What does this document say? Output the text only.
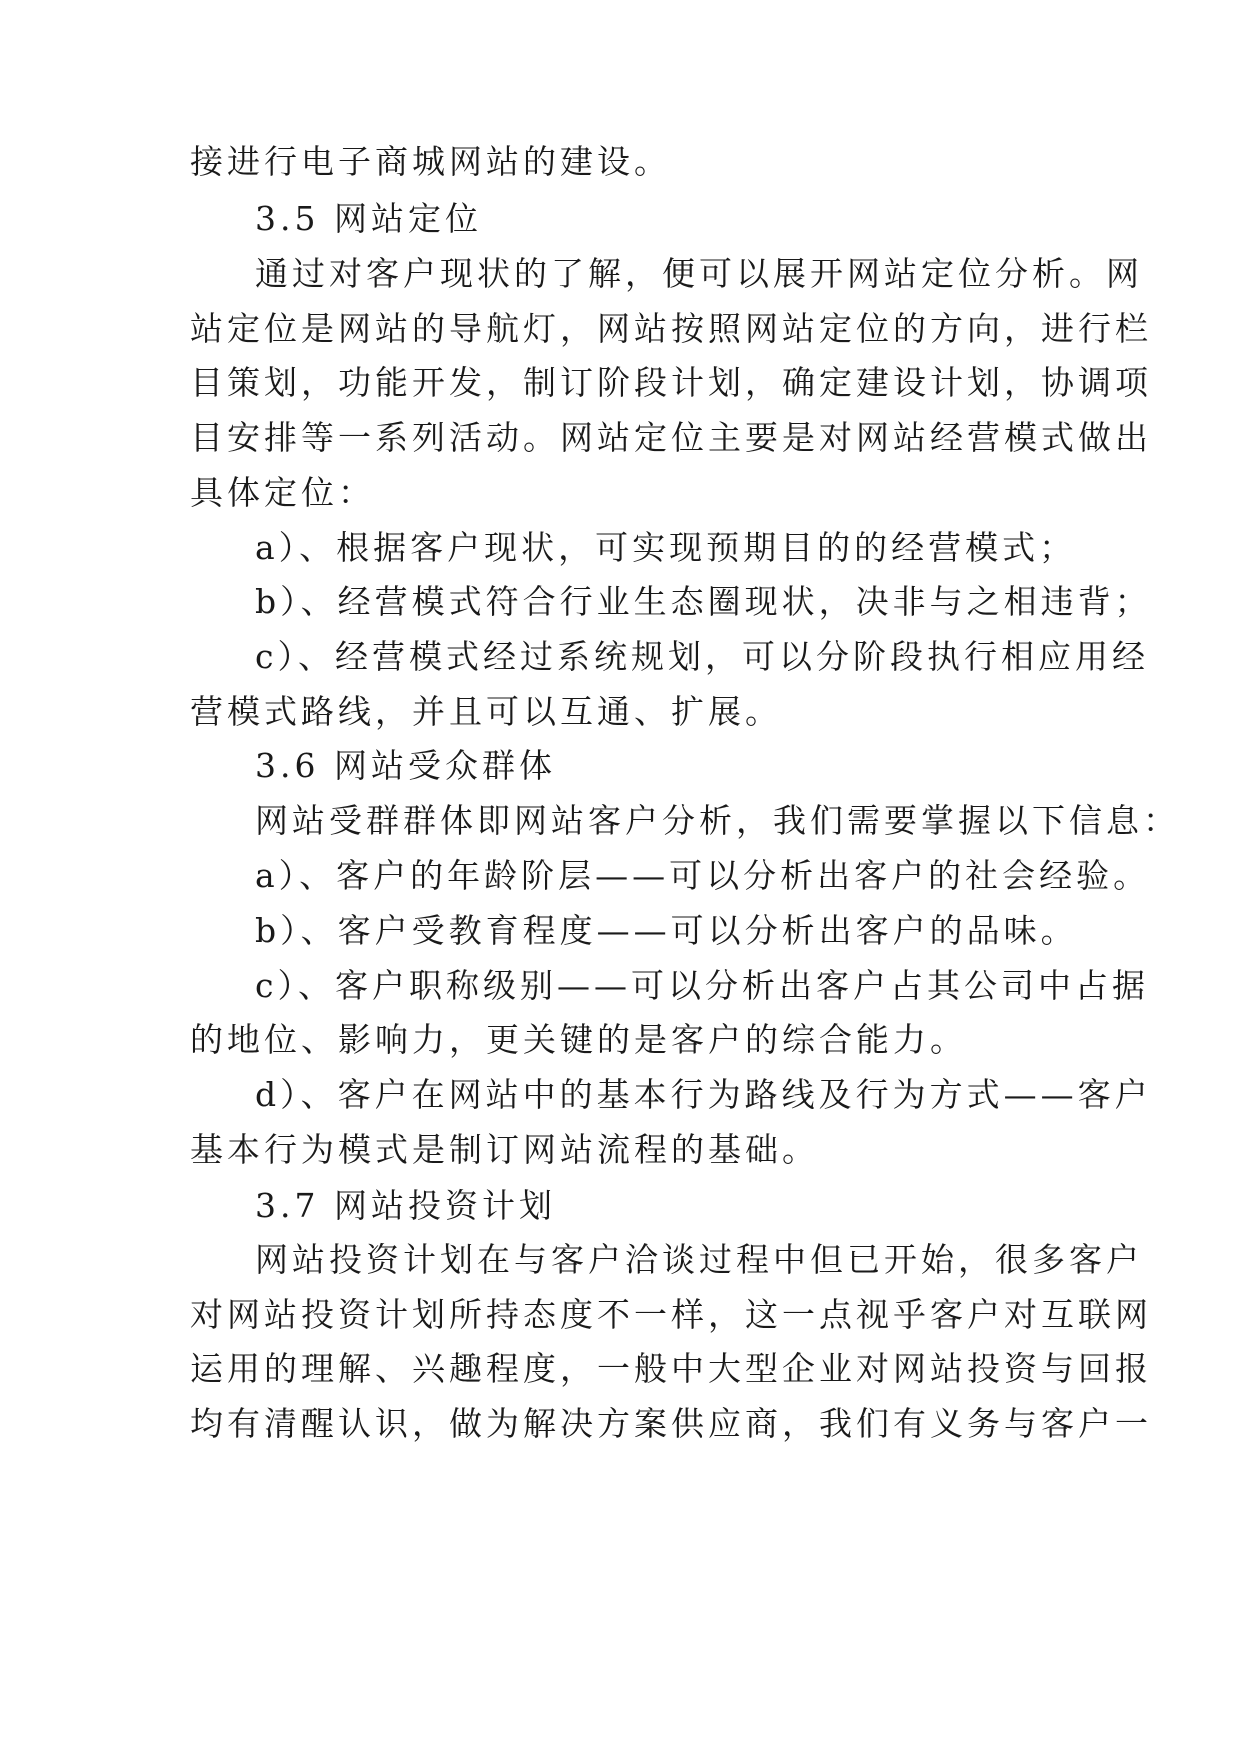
接进行电子商城网站的建设。
3.5 网站定位
通过对客户现状的了解，便可以展开网站定位分析。网
站定位是网站的导航灯，网站按照网站定位的方向，进行栏
目策划，功能开发，制订阶段计划，确定建设计划，协调项
目安排等一系列活动。网站定位主要是对网站经营模式做出
具体定位：
a）、根据客户现状，可实现预期目的的经营模式；
b）、经营模式符合行业生态圈现状，决非与之相违背；
c）、经营模式经过系统规划，可以分阶段执行相应用经
营模式路线，并且可以互通、扩展。
3.6 网站受众群体
网站受群群体即网站客户分析，我们需要掌握以下信息：
a）、客户的年龄阶层——可以分析出客户的社会经验。
b）、客户受教育程度——可以分析出客户的品味。
c）、客户职称级别——可以分析出客户占其公司中占据
的地位、影响力，更关键的是客户的综合能力。
d）、客户在网站中的基本行为路线及行为方式——客户
基本行为模式是制订网站流程的基础。
3.7 网站投资计划
网站投资计划在与客户洽谈过程中但已开始，很多客户
对网站投资计划所持态度不一样，这一点视乎客户对互联网
运用的理解、兴趣程度，一般中大型企业对网站投资与回报
均有清醒认识，做为解决方案供应商，我们有义务与客户一
